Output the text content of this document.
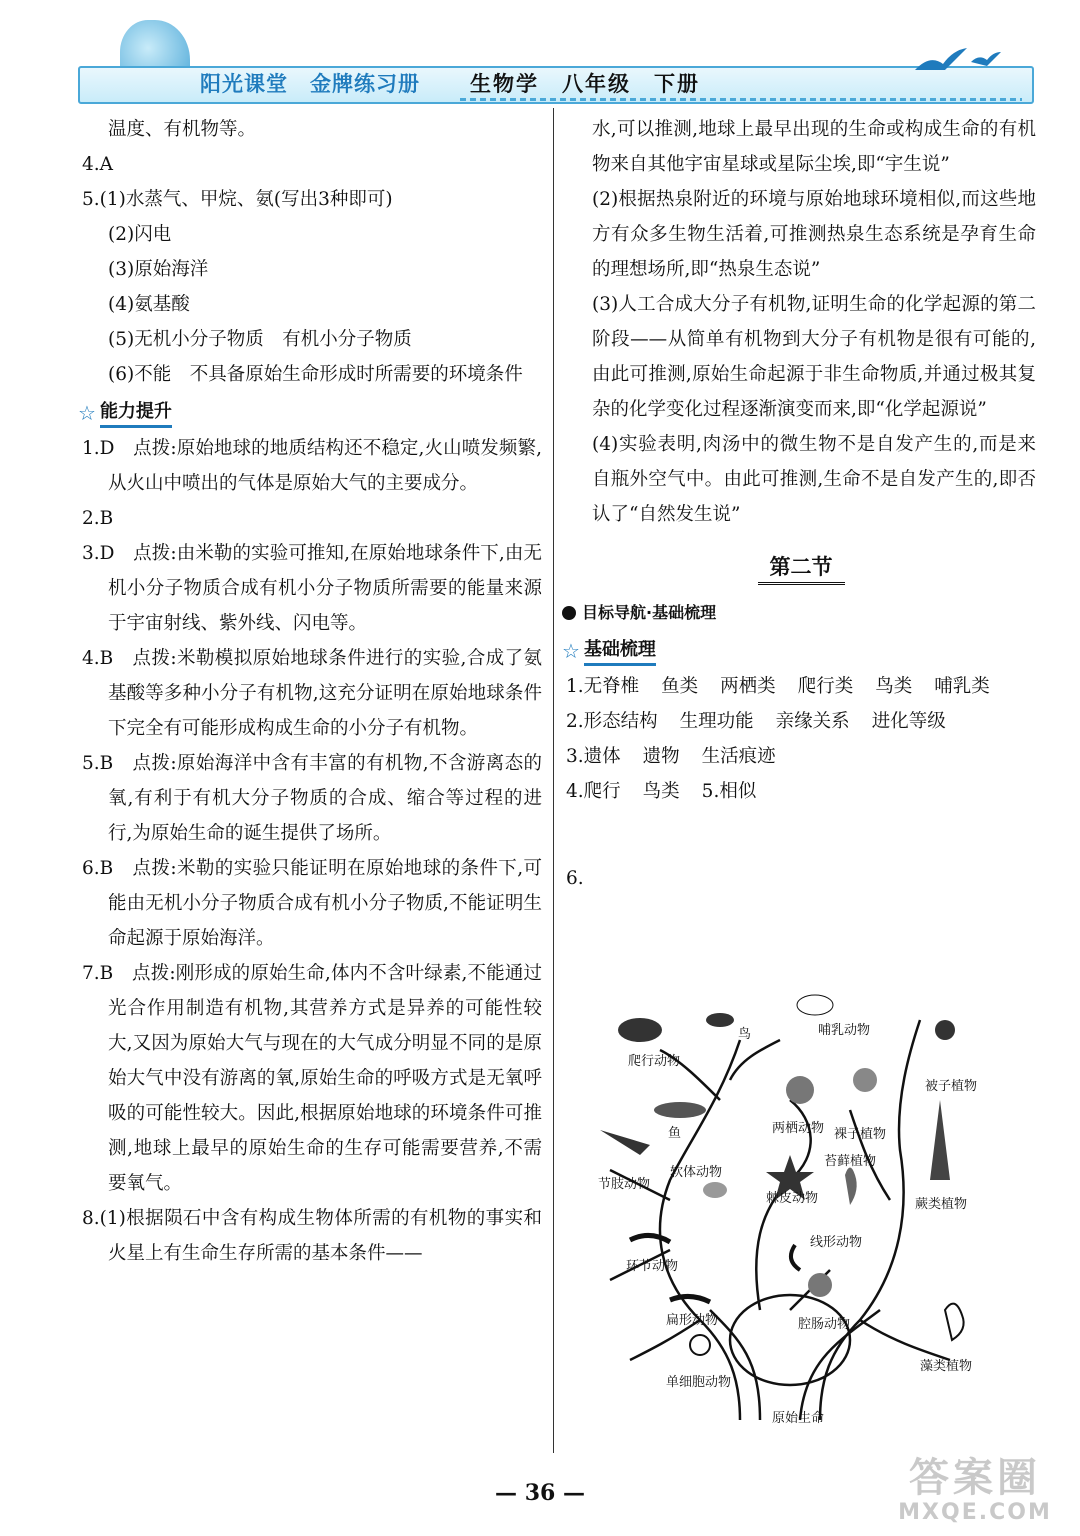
阳光课堂　金牌练习册 生物学　八年级　下册

温度、有机物等。

4.A

5.(1)水蒸气、甲烷、氨(写出3种即可)

(2)闪电

(3)原始海洋

(4)氨基酸

(5)无机小分子物质　有机小分子物质

(6)不能　不具备原始生命形成时所需要的环境条件

☆ 能力提升

1.D　点拨:原始地球的地质结构还不稳定,火山喷发频繁,从火山中喷出的气体是原始大气的主要成分。

2.B

3.D　点拨:由米勒的实验可推知,在原始地球条件下,由无机小分子物质合成有机小分子物质所需要的能量来源于宇宙射线、紫外线、闪电等。

4.B　点拨:米勒模拟原始地球条件进行的实验,合成了氨基酸等多种小分子有机物,这充分证明在原始地球条件下完全有可能形成构成生命的小分子有机物。

5.B　点拨:原始海洋中含有丰富的有机物,不含游离态的氧,有利于有机大分子物质的合成、缩合等过程的进行,为原始生命的诞生提供了场所。

6.B　点拨:米勒的实验只能证明在原始地球的条件下,可能由无机小分子物质合成有机小分子物质,不能证明生命起源于原始海洋。

7.B　点拨:刚形成的原始生命,体内不含叶绿素,不能通过光合作用制造有机物,其营养方式是异养的可能性较大,又因为原始大气与现在的大气成分明显不同的是原始大气中没有游离的氧,原始生命的呼吸方式是无氧呼吸的可能性较大。因此,根据原始地球的环境条件可推测,地球上最早的原始生命的生存可能需要营养,不需要氧气。

8.(1)根据陨石中含有构成生物体所需的有机物的事实和火星上有生命生存所需的基本条件——

水,可以推测,地球上最早出现的生命或构成生命的有机物来自其他宇宙星球或星际尘埃,即“宇生说”

(2)根据热泉附近的环境与原始地球环境相似,而这些地方有众多生物生活着,可推测热泉生态系统是孕育生命的理想场所,即“热泉生态说”

(3)人工合成大分子有机物,证明生命的化学起源的第二阶段——从简单有机物到大分子有机物是很有可能的,由此可推测,原始生命起源于非生命物质,并通过极其复杂的化学变化过程逐渐演变而来,即“化学起源说”

(4)实验表明,肉汤中的微生物不是自发产生的,而是来自瓶外空气中。由此可推测,生命不是自发产生的,即否认了“自然发生说”

第二节
目标导航·基础梳理
☆ 基础梳理
1.无脊椎 鱼类 两栖类 爬行类 鸟类 哺乳类
2.形态结构 生理功能 亲缘关系 进化等级
3.遗体 遗物 生活痕迹
4.爬行 鸟类 5.相似
6.
爬行动物
鸟	哺乳动物
被子植物
鱼	两栖动物 裸子植物
节肢动物
软体动物
苔藓植物
蕨类植物
棘皮动物
环节动物
线形动物
扁形动物	腔肠动物
单细胞动物
藻类植物
原始生命
— 36 —	答案圈
MXQE.COM
